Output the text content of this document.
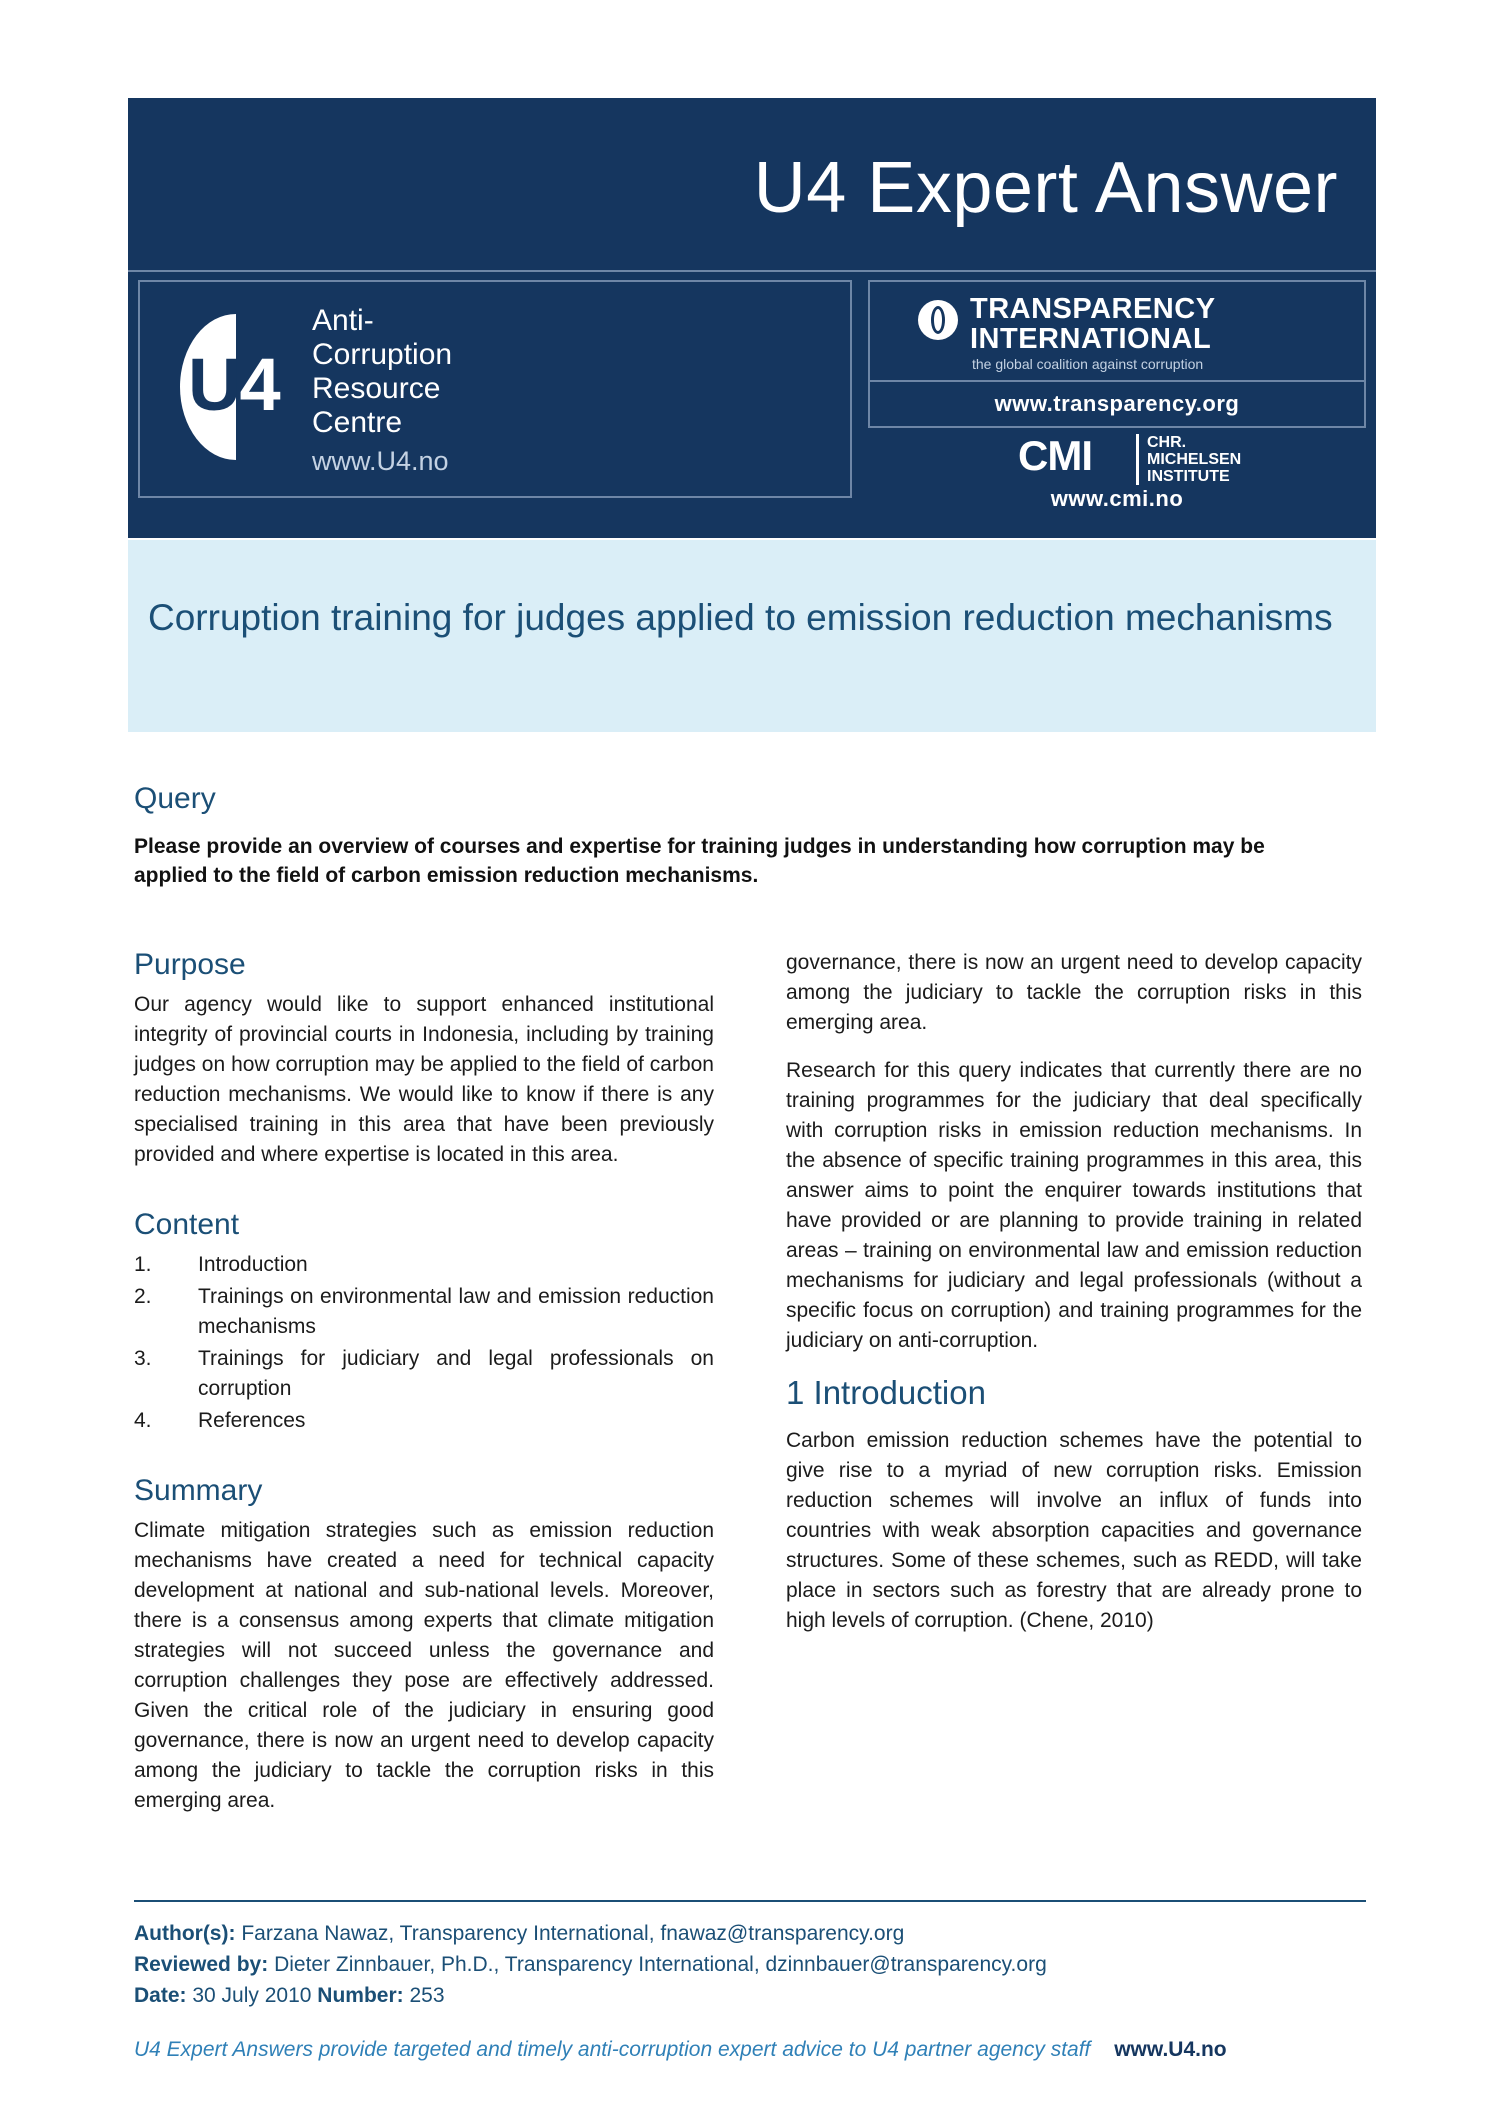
U4 Expert Answer
U4
Anti-
Corruption
Resource
Centre
www.U4.no
TRANSPARENCY
INTERNATIONAL
the global coalition against corruption
www.transparency.org
CMI	CHR.
MICHELSEN
INSTITUTE
www.cmi.no
Corruption training for judges applied to emission reduction mechanisms
Query
Please provide an overview of courses and expertise for training judges in understanding how corruption may be applied to the field of carbon emission reduction mechanisms.
Purpose

Our agency would like to support enhanced institutional integrity of provincial courts in Indonesia, including by training judges on how corruption may be applied to the field of carbon reduction mechanisms. We would like to know if there is any specialised training in this area that have been previously provided and where expertise is located in this area.

Content
1. Introduction
2. Trainings on environmental law and emission reduction mechanisms
3. Trainings for judiciary and legal professionals on corruption
4. References
Summary

Climate mitigation strategies such as emission reduction mechanisms have created a need for technical capacity development at national and sub-national levels. Moreover, there is a consensus among experts that climate mitigation strategies will not succeed unless the governance and corruption challenges they pose are effectively addressed. Given the critical role of the judiciary in ensuring good governance, there is now an urgent need to develop capacity among the judiciary to tackle the corruption risks in this emerging area.

governance, there is now an urgent need to develop capacity among the judiciary to tackle the corruption risks in this emerging area.

Research for this query indicates that currently there are no training programmes for the judiciary that deal specifically with corruption risks in emission reduction mechanisms. In the absence of specific training programmes in this area, this answer aims to point the enquirer towards institutions that have provided or are planning to provide training in related areas – training on environmental law and emission reduction mechanisms for judiciary and legal professionals (without a specific focus on corruption) and training programmes for the judiciary on anti-corruption.

1 Introduction

Carbon emission reduction schemes have the potential to give rise to a myriad of new corruption risks. Emission reduction schemes will involve an influx of funds into countries with weak absorption capacities and governance structures. Some of these schemes, such as REDD, will take place in sectors such as forestry that are already prone to high levels of corruption. (Chene, 2010)

Author(s): Farzana Nawaz, Transparency International, fnawaz@transparency.org
Reviewed by: Dieter Zinnbauer, Ph.D., Transparency International, dzinnbauer@transparency.org
Date: 30 July 2010 Number: 253
U4 Expert Answers provide targeted and timely anti-corruption expert advice to U4 partner agency staff www.U4.no
